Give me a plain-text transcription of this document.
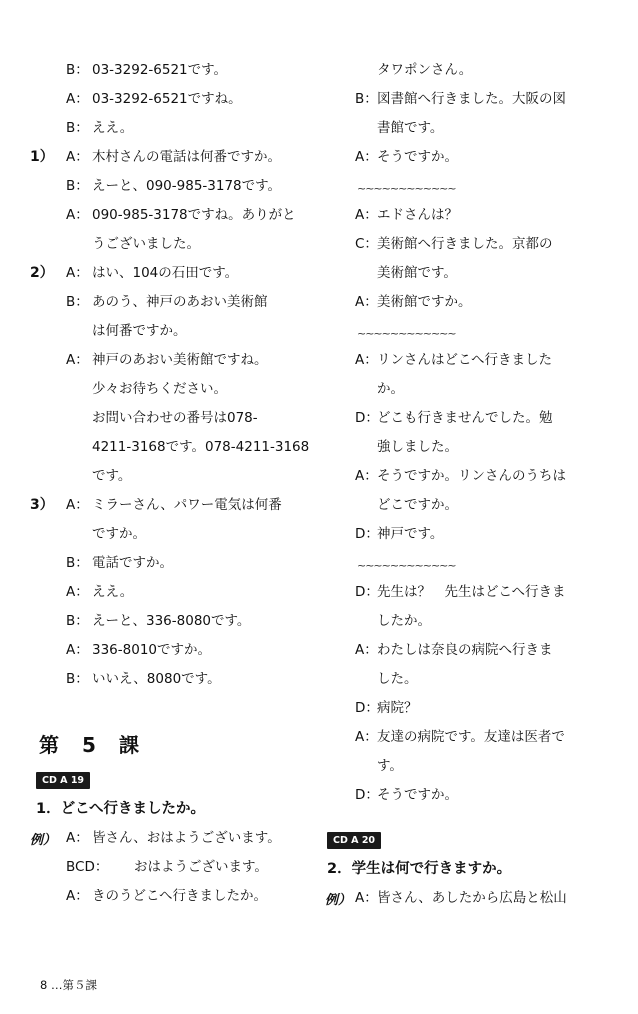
B： 03-3292-6521です。
A： 03-3292-6521ですね。
B： ええ。
1） A： 木村さんの電話は何番ですか。
B： えーと、090-985-3178です。
A： 090-985-3178ですね。ありがと
うございました。
2） A： はい、104の石田です。
B： あのう、神戸のあおい美術館
は何番ですか。
A： 神戸のあおい美術館ですね。
少々お待ちください。
お問い合わせの番号は078-
4211-3168です。078-4211-3168
です。
3） A： ミラーさん、パワー電気は何番
ですか。
B： 電話ですか。
A： ええ。
B： えーと、336-8080です。
A： 336-8010ですか。
B： いいえ、8080です。
第	5	課
CD A 19
1．どこへ行きましたか。
例） A： 皆さん、おはようございます。
BCD： おはようございます。
A： きのうどこへ行きましたか。
タワポンさん。
B： 図書館へ行きました。大阪の図
書館です。
A： そうですか。
~~~~~~~~~~~~
A： エドさんは？
C： 美術館へ行きました。京都の
美術館です。
A： 美術館ですか。
~~~~~~~~~~~~
A： リンさんはどこへ行きました
か。
D：
どこも行きませんでした。勉
強しました。
A： そうですか。リンさんのうちは
どこですか。
D：
神戸です。
~~~~~~~~~~~~
D：
先生は？　先生はどこへ行きま
したか。
A： わたしは奈良の病院へ行きま
した。
D：
病院？
A： 友達の病院です。友達は医者で
す。
D：
そうですか。
CD A 20
2．学生は何で行きますか。
例） A： 皆さん、あしたから広島と松山
8 …第５課
